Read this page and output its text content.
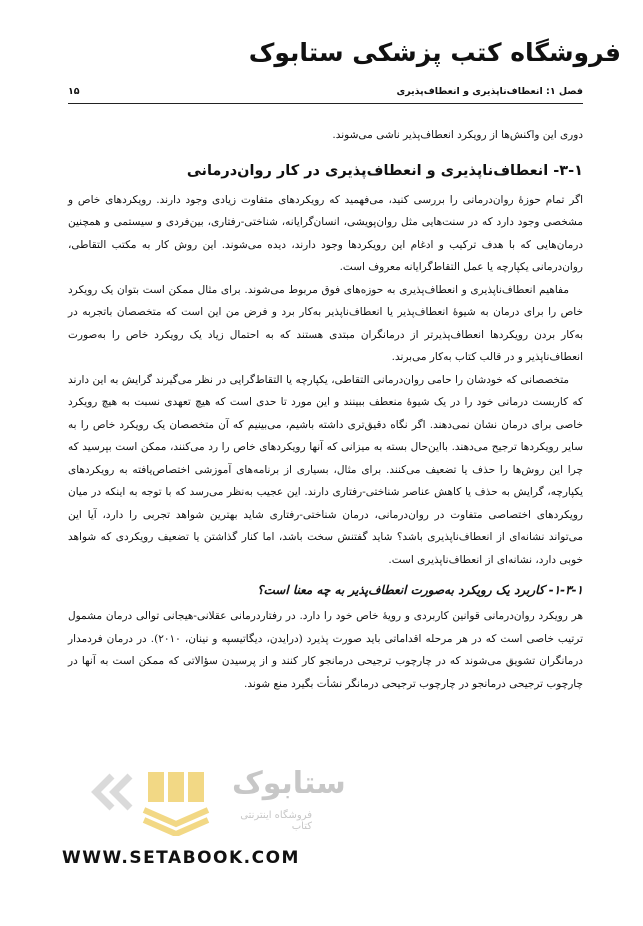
فروشگاه کتب پزشکی ستابوک
فصل ۱: انعطاف‌ناپذیری و انعطاف‌پذیری
۱۵

دوری این واکنش‌ها از رویکرد انعطاف‌پذیر ناشی می‌شوند.

۳-۱- انعطاف‌ناپذیری و انعطاف‌پذیری در کار روان‌درمانی

اگر تمام حوزهٔ روان‌درمانی را بررسی کنید، می‌فهمید که رویکردهای متفاوت زیادی وجود دارند. رویکردهای خاص و مشخصی وجود دارد که در سنت‌هایی مثل روان‌پویشی، انسان‌گرایانه، شناختی-رفتاری، بین‌فردی و سیستمی و همچنین درمان‌هایی که با هدف ترکیب و ادغام این رویکردها وجود دارند، دیده می‌شوند. این روش کار به مکتب التقاطی، روان‌درمانی یکپارچه یا عمل التقاط‌گرایانه معروف است.

مفاهیم انعطاف‌ناپذیری و انعطاف‌پذیری به حوزه‌های فوق مربوط می‌شوند. برای مثال ممکن است بتوان یک رویکرد خاص را برای درمان به شیوهٔ انعطاف‌پذیر یا انعطاف‌ناپذیر به‌کار برد و فرض من این است که متخصصان باتجربه در به‌کار بردن رویکردها انعطاف‌پذیرتر از درمانگران مبتدی هستند که به احتمال زیاد یک رویکرد خاص را به‌صورت انعطاف‌ناپذیر و در قالب کتاب به‌کار می‌برند.

متخصصانی که خودشان را حامی روان‌درمانی التقاطی، یکپارچه یا التقاط‌گرایی در نظر می‌گیرند گرایش به این دارند که کاربست درمانی خود را در یک شیوهٔ منعطف ببینند و این مورد تا حدی است که هیچ تعهدی نسبت به هیچ رویکرد خاصی برای درمان نشان نمی‌دهند. اگر نگاه دقیق‌تری داشته باشیم، می‌بینیم که آن متخصصان یک رویکرد خاص را به سایر رویکردها ترجیح می‌دهند. بااین‌حال بسته به میزانی که آنها رویکردهای خاص را رد می‌کنند، ممکن است بپرسید که چرا این روش‌ها را حذف یا تضعیف می‌کنند. برای مثال، بسیاری از برنامه‌های آموزشی اختصاص‌یافته به رویکردهای یکپارچه، گرایش به حذف یا کاهش عناصر شناختی-رفتاری دارند. این عجیب به‌نظر می‌رسد که با توجه به اینکه در میان رویکردهای اختصاصی متفاوت در روان‌درمانی، درمان شناختی-رفتاری شاید بهترین شواهد تجربی را دارد، آیا این می‌تواند نشانه‌ای از انعطاف‌ناپذیری باشد؟ شاید گفتنش سخت باشد، اما کنار گذاشتن یا تضعیف رویکردی که شواهد خوبی دارد، نشانه‌ای از انعطاف‌ناپذیری است.

۱-۳-۱- کاربرد یک رویکرد به‌صورت انعطاف‌پذیر به چه معنا است؟

هر رویکرد روان‌درمانی قوانین کاربردی و رویهٔ خاص خود را دارد. در رفتاردرمانی عقلانی-هیجانی توالی درمان مشمول ترتیب خاصی است که در هر مرحله اقداماتی باید صورت پذیرد (درایدن، دیگاتیسپه و نینان، ۲۰۱۰). در درمان فردمدار درمانگران تشویق می‌شوند که در چارچوب ترجیحی درمانجو کار کنند و از پرسیدن سؤالاتی که ممکن است به آنها در چارچوب ترجیحی درمانجو در چارچوب ترجیحی درمانگر نشأت بگیرد منع شوند.

ستابوک
فروشگاه اینترنتی کتاب
WWW.SETABOOK.COM
